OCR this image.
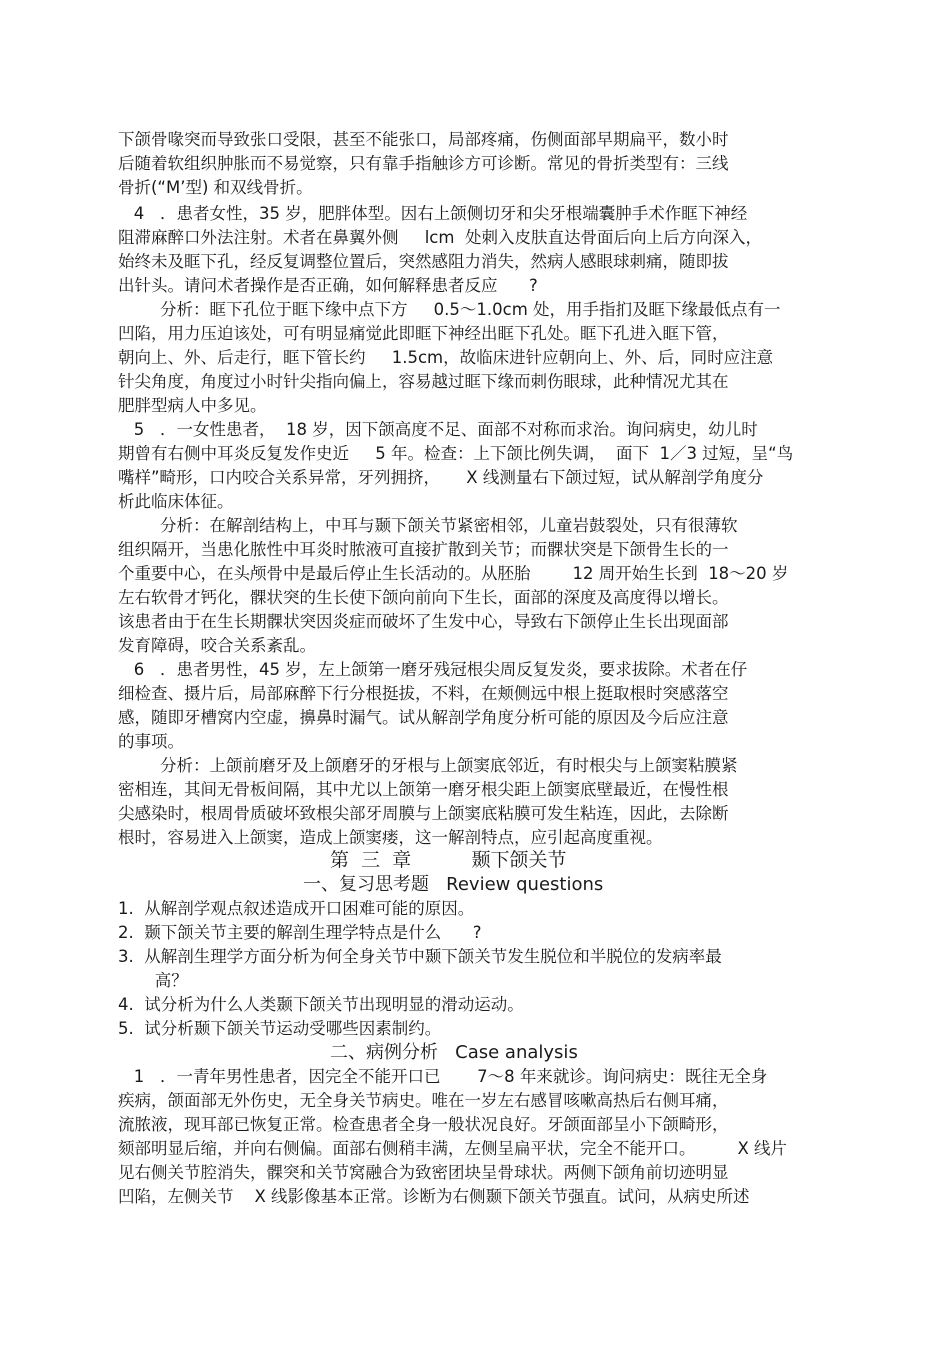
下颌骨喙突而导致张口受限，甚至不能张口，局部疼痛，伤侧面部早期扁平，数小时
后随着软组织肿胀而不易觉察，只有靠手指触诊方可诊断。常见的骨折类型有：三线
骨折(“M’型) 和双线骨折。
4   ．患者女性，35 岁，肥胖体型。因右上颌侧切牙和尖牙根端囊肿手术作眶下神经
阻滞麻醉口外法注射。术者在鼻翼外侧     lcm  处刺入皮肤直达骨面后向上后方向深入，
始终未及眶下孔，经反复调整位置后，突然感阻力消失，然病人感眼球刺痛，随即拔
出针头。请问术者操作是否正确，如何解释患者反应      ?
分析：眶下孔位于眶下缘中点下方     0.5～1.0cm 处，用手指扪及眶下缘最低点有一
凹陷，用力压迫该处，可有明显痛觉此即眶下神经出眶下孔处。眶下孔进入眶下管，
朝向上、外、后走行，眶下管长约     1.5cm，故临床进针应朝向上、外、后，同时应注意
针尖角度，角度过小时针尖指向偏上，容易越过眶下缘而刺伤眼球，此种情况尤其在
肥胖型病人中多见。
5   ．一女性患者，  18 岁，因下颌高度不足、面部不对称而求治。询问病史，幼儿时
期曾有右侧中耳炎反复发作史近     5 年。检查：上下颌比例失调，  面下  1／3 过短，呈“鸟
嘴样”畸形，口内咬合关系异常，牙列拥挤，     X 线测量右下颌过短，试从解剖学角度分
析此临床体征。
分析：在解剖结构上，中耳与颞下颌关节紧密相邻，儿童岩鼓裂处，只有很薄软
组织隔开，当患化脓性中耳炎时脓液可直接扩散到关节；而髁状突是下颌骨生长的一
个重要中心，在头颅骨中是最后停止生长活动的。从胚胎        12 周开始生长到  18～20 岁
左右软骨才钙化，髁状突的生长使下颌向前向下生长，面部的深度及高度得以增长。
该患者由于在生长期髁状突因炎症而破坏了生发中心，导致右下颌停止生长出现面部
发育障碍，咬合关系紊乱。
6   ．患者男性，45 岁，左上颌第一磨牙残冠根尖周反复发炎，要求拔除。术者在仔
细检查、摄片后，局部麻醉下行分根挺拔，不料，在颊侧远中根上挺取根时突感落空
感，随即牙槽窝内空虚，擤鼻时漏气。试从解剖学角度分析可能的原因及今后应注意
的事项。
分析：上颌前磨牙及上颌磨牙的牙根与上颌窦底邻近，有时根尖与上颌窦粘膜紧
密相连，其间无骨板间隔，其中尤以上颌第一磨牙根尖距上颌窦底壁最近，在慢性根
尖感染时，根周骨质破坏致根尖部牙周膜与上颌窦底粘膜可发生粘连，因此，去除断
根时，容易进入上颌窦，造成上颌窦瘘，这一解剖特点，应引起高度重视。
第  三  章          颞下颌关节
一、复习思考题   Review questions
1.  从解剖学观点叙述造成开口困难可能的原因。
2.  颞下颌关节主要的解剖生理学特点是什么      ?
3.  从解剖生理学方面分析为何全身关节中颞下颌关节发生脱位和半脱位的发病率最
高？
4.  试分析为什么人类颞下颌关节出现明显的滑动运动。
5.  试分析颞下颌关节运动受哪些因素制约。
二、病例分析   Case analysis
1   ．一青年男性患者，因完全不能开口已       7～8 年来就诊。询问病史：既往无全身
疾病，颌面部无外伤史，无全身关节病史。唯在一岁左右感冒咳嗽高热后右侧耳痛，
流脓液，现耳部已恢复正常。检查患者全身一般状况良好。牙颌面部呈小下颌畸形，
颏部明显后缩，并向右侧偏。面部右侧稍丰满，左侧呈扁平状，完全不能开口。        X 线片
见右侧关节腔消失，髁突和关节窝融合为致密团块呈骨球状。两侧下颌角前切迹明显
凹陷，左侧关节    X 线影像基本正常。诊断为右侧颞下颌关节强直。试问，从病史所述
